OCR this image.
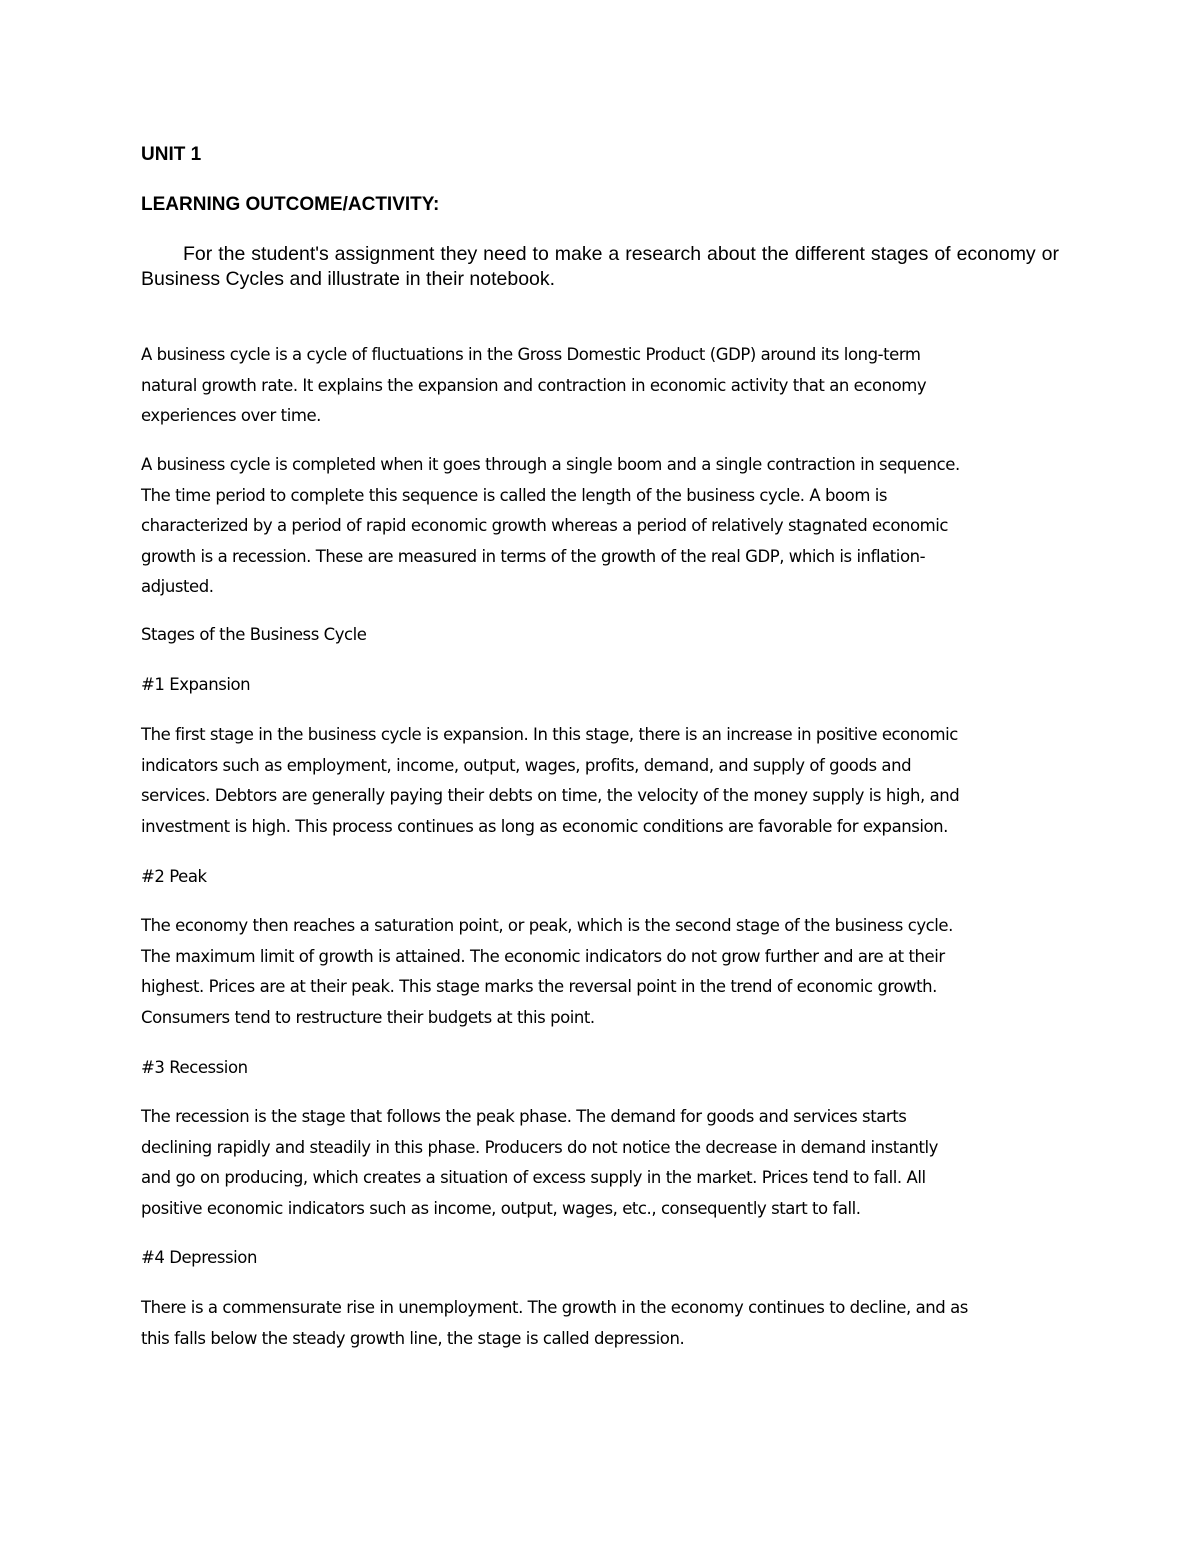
UNIT 1
LEARNING OUTCOME/ACTIVITY:

For the student's assignment they need to make a research about the different stages of economy or Business Cycles and illustrate in their notebook.

A business cycle is a cycle of fluctuations in the Gross Domestic Product (GDP) around its long-term
natural growth rate. It explains the expansion and contraction in economic activity that an economy
experiences over time.

A business cycle is completed when it goes through a single boom and a single contraction in sequence.
The time period to complete this sequence is called the length of the business cycle. A boom is
characterized by a period of rapid economic growth whereas a period of relatively stagnated economic
growth is a recession. These are measured in terms of the growth of the real GDP, which is inflation-
adjusted.

Stages of the Business Cycle

#1 Expansion

The first stage in the business cycle is expansion. In this stage, there is an increase in positive economic
indicators such as employment, income, output, wages, profits, demand, and supply of goods and
services. Debtors are generally paying their debts on time, the velocity of the money supply is high, and
investment is high. This process continues as long as economic conditions are favorable for expansion.

#2 Peak

The economy then reaches a saturation point, or peak, which is the second stage of the business cycle.
The maximum limit of growth is attained. The economic indicators do not grow further and are at their
highest. Prices are at their peak. This stage marks the reversal point in the trend of economic growth.
Consumers tend to restructure their budgets at this point.

#3 Recession

The recession is the stage that follows the peak phase. The demand for goods and services starts
declining rapidly and steadily in this phase. Producers do not notice the decrease in demand instantly
and go on producing, which creates a situation of excess supply in the market. Prices tend to fall. All
positive economic indicators such as income, output, wages, etc., consequently start to fall.

#4 Depression

There is a commensurate rise in unemployment. The growth in the economy continues to decline, and as
this falls below the steady growth line, the stage is called depression.
